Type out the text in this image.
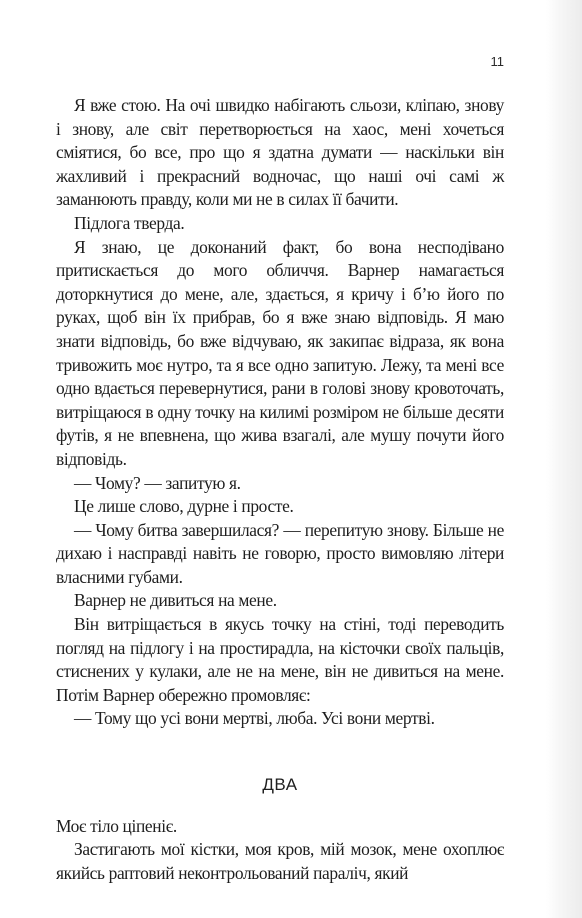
11

Я вже стою. На очі швидко набігають сльози, кліпаю, знову і знову, але світ перетворюється на хаос, мені хочеться сміятися, бо все, про що я здатна думати — наскільки він жахливий і прекрасний водночас, що наші очі самі ж заманюють правду, коли ми не в силах її бачити.

Підлога тверда.

Я знаю, це доконаний факт, бо вона несподівано притискається до мого обличчя. Варнер намагається доторкнутися до мене, але, здається, я кричу і б’ю його по руках, щоб він їх прибрав, бо я вже знаю відповідь. Я маю знати відповідь, бо вже відчуваю, як закипає відраза, як вона тривожить моє нутро, та я все одно запитую. Лежу, та мені все одно вдається перевернутися, рани в голові знову кровоточать, витріщаюся в одну точку на килимі розміром не більше десяти футів, я не впевнена, що жива взагалі, але мушу почути його відповідь.

— Чому? — запитую я.

Це лише слово, дурне і просте.

— Чому битва завершилася? — перепитую знову. Більше не дихаю і насправді навіть не говорю, просто вимовляю літери власними губами.

Варнер не дивиться на мене.

Він витріщається в якусь точку на стіні, тоді переводить погляд на підлогу і на простирадла, на кісточки своїх пальців, стиснених у кулаки, але не на мене, він не дивиться на мене. Потім Варнер обережно промовляє:

— Тому що усі вони мертві, люба. Усі вони мертві.

ДВА

Моє тіло ціпеніє.

Застигають мої кістки, моя кров, мій мозок, мене охоплює якийсь раптовий неконтрольований параліч, який
